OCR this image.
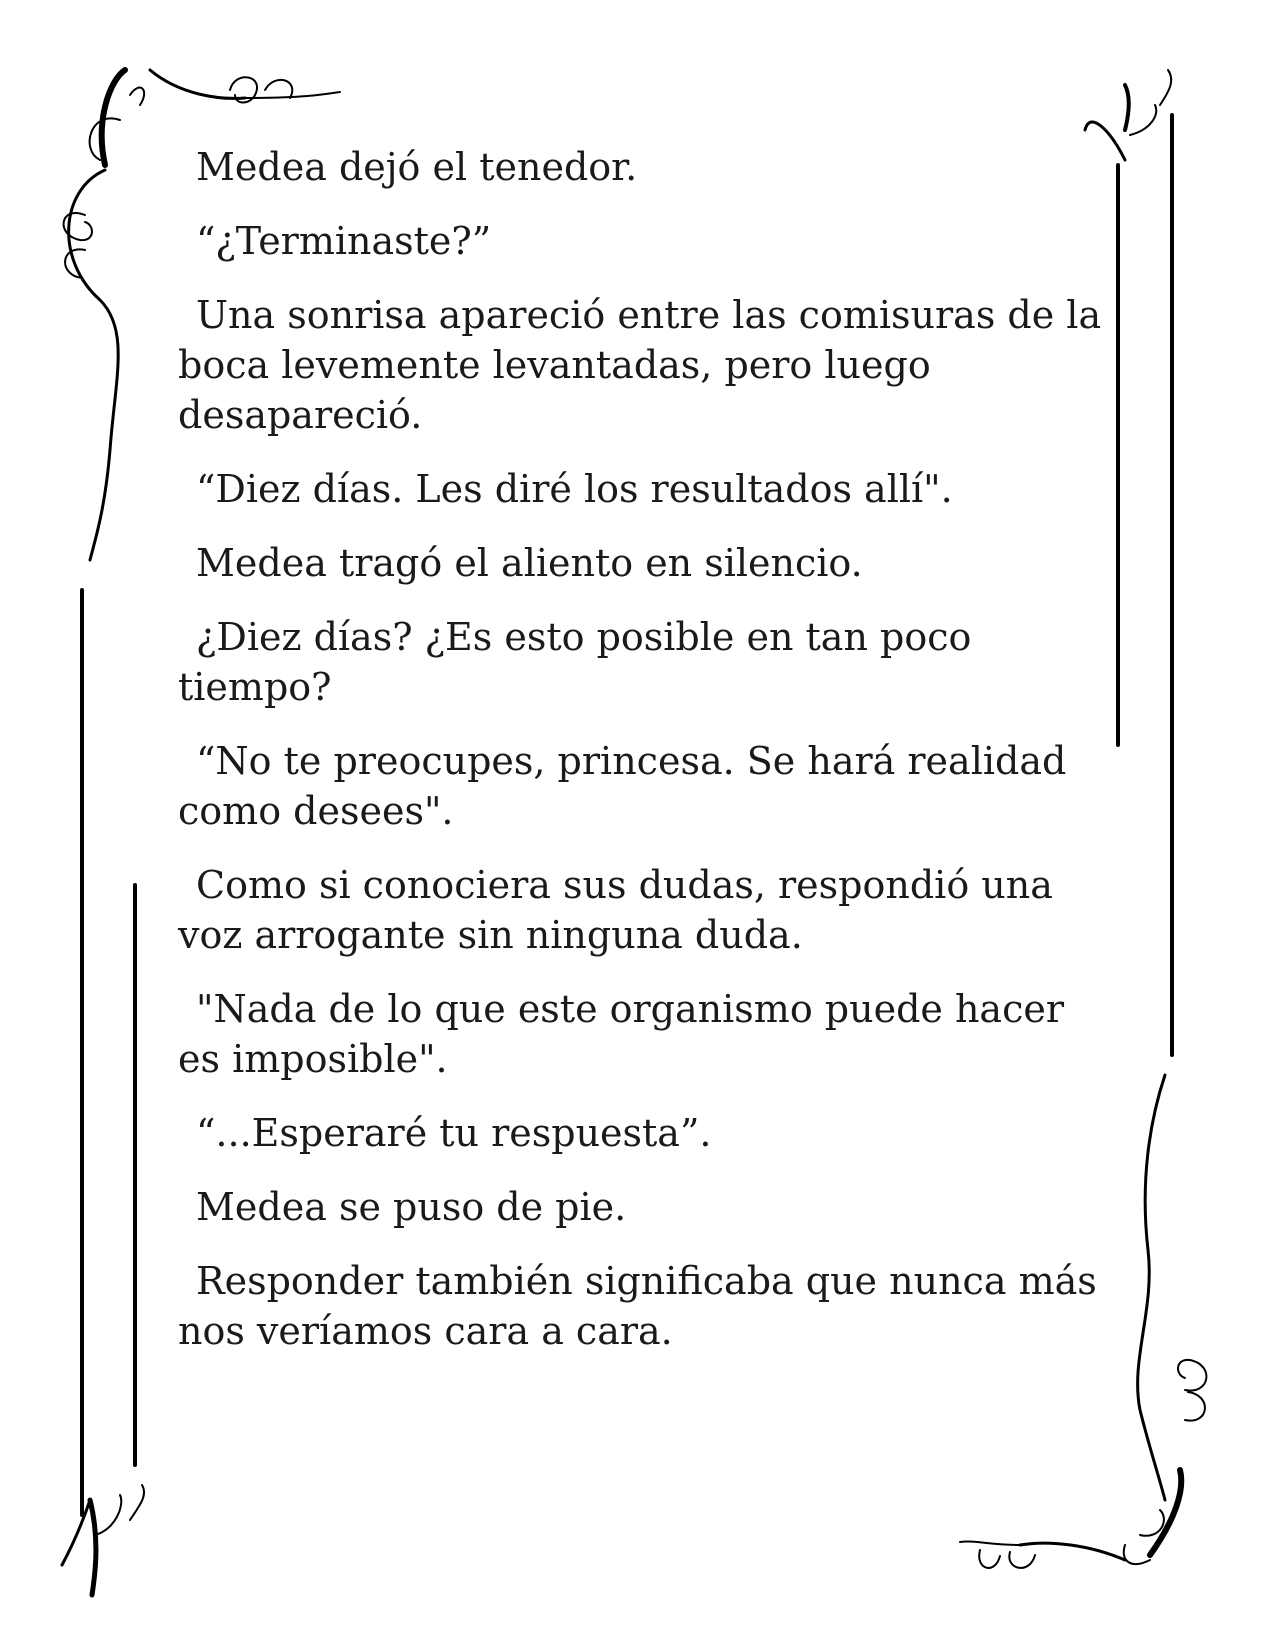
Medea dejó el tenedor.

“¿Terminaste?”

Una sonrisa apareció entre las comisuras de la boca levemente levantadas, pero luego desapareció.

“Diez días. Les diré los resultados allí".

Medea tragó el aliento en silencio.

¿Diez días? ¿Es esto posible en tan poco tiempo?

“No te preocupes, princesa. Se hará realidad como desees".

Como si conociera sus dudas, respondió una voz arrogante sin ninguna duda.

"Nada de lo que este organismo puede hacer es imposible".

“...Esperaré tu respuesta”.

Medea se puso de pie.

Responder también significaba que nunca más nos veríamos cara a cara.
